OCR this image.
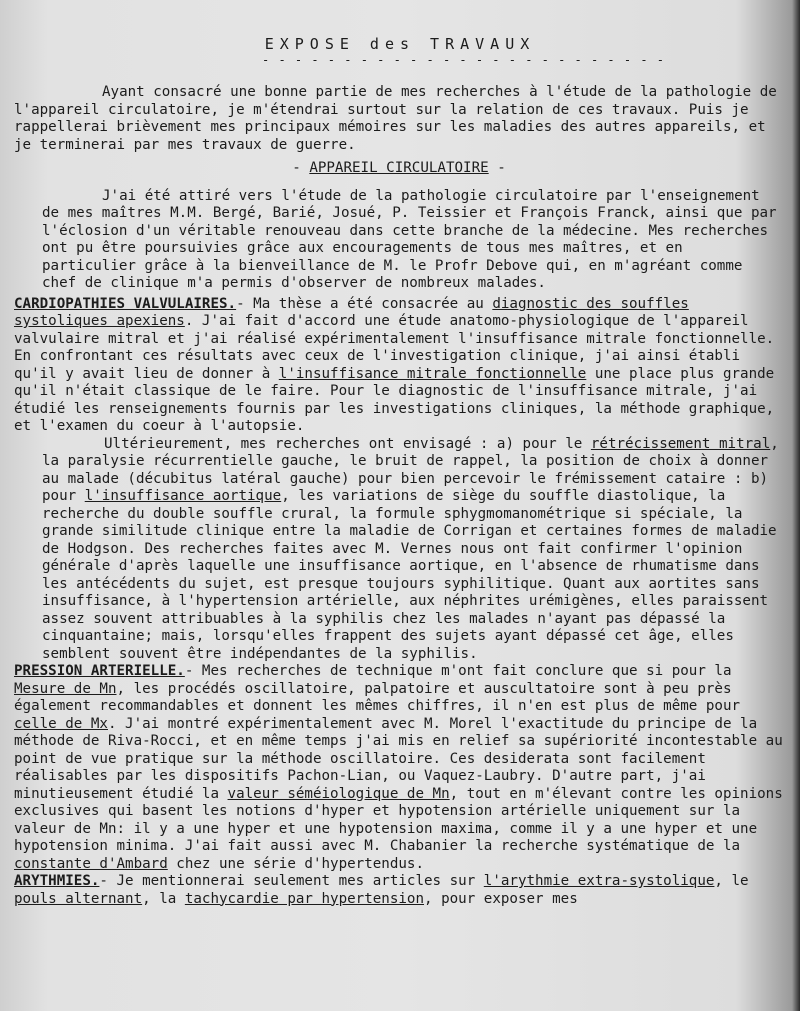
EXPOSE des TRAVAUX
- - - - - - - - - - - - - - - - - - - - - - - - -

Ayant consacré une bonne partie de mes recherches à l'étude de la pathologie de l'appareil circulatoire, je m'étendrai surtout sur la relation de ces travaux. Puis je rappellerai brièvement mes principaux mémoires sur les maladies des autres appareils, et je terminerai par mes travaux de guerre.

- APPAREIL CIRCULATOIRE -

J'ai été attiré vers l'étude de la pathologie circulatoire par l'enseignement de mes maîtres M.M. Bergé, Barié, Josué, P. Teissier et François Franck, ainsi que par l'éclosion d'un véritable renouveau dans cette branche de la médecine. Mes recherches ont pu être poursuivies grâce aux encouragements de tous mes maîtres, et en particulier grâce à la bienveillance de M. le Profr Debove qui, en m'agréant comme chef de clinique m'a permis d'observer de nombreux malades.

CARDIOPATHIES VALVULAIRES.- Ma thèse a été consacrée au diagnostic des souffles systoliques apexiens. J'ai fait d'accord une étude anatomo-physiologique de l'appareil valvulaire mitral et j'ai réalisé expérimentalement l'insuffisance mitrale fonctionnelle. En confrontant ces résultats avec ceux de l'investigation clinique, j'ai ainsi établi qu'il y avait lieu de donner à l'insuffisance mitrale fonctionnelle une place plus grande qu'il n'était classique de le faire. Pour le diagnostic de l'insuffisance mitrale, j'ai étudié les renseignements fournis par les investigations cliniques, la méthode graphique, et l'examen du coeur à l'autopsie.

Ultérieurement, mes recherches ont envisagé : a) pour le rétrécissement mitral, la paralysie récurrentielle gauche, le bruit de rappel, la position de choix à donner au malade (décubitus latéral gauche) pour bien percevoir le frémissement cataire : b) pour l'insuffisance aortique, les variations de siège du souffle diastolique, la recherche du double souffle crural, la formule sphygmomanométrique si spéciale, la grande similitude clinique entre la maladie de Corrigan et certaines formes de maladie de Hodgson. Des recherches faites avec M. Vernes nous ont fait confirmer l'opinion générale d'après laquelle une insuffisance aortique, en l'absence de rhumatisme dans les antécédents du sujet, est presque toujours syphilitique. Quant aux aortites sans insuffisance, à l'hypertension artérielle, aux néphrites urémigènes, elles paraissent assez souvent attribuables à la syphilis chez les malades n'ayant pas dépassé la cinquantaine; mais, lorsqu'elles frappent des sujets ayant dépassé cet âge, elles semblent souvent être indépendantes de la syphilis.

PRESSION ARTERIELLE.- Mes recherches de technique m'ont fait conclure que si pour la Mesure de Mn, les procédés oscillatoire, palpatoire et auscultatoire sont à peu près également recommandables et donnent les mêmes chiffres, il n'en est plus de même pour celle de Mx. J'ai montré expérimentalement avec M. Morel l'exactitude du principe de la méthode de Riva-Rocci, et en même temps j'ai mis en relief sa supériorité incontestable au point de vue pratique sur la méthode oscillatoire. Ces desiderata sont facilement réalisables par les dispositifs Pachon-Lian, ou Vaquez-Laubry. D'autre part, j'ai minutieusement étudié la valeur séméiologique de Mn, tout en m'élevant contre les opinions exclusives qui basent les notions d'hyper et hypotension artérielle uniquement sur la valeur de Mn: il y a une hyper et une hypotension maxima, comme il y a une hyper et une hypotension minima. J'ai fait aussi avec M. Chabanier la recherche systématique de la constante d'Ambard chez une série d'hypertendus.

ARYTHMIES.- Je mentionnerai seulement mes articles sur l'arythmie extra-systolique, le pouls alternant, la tachycardie par hypertension, pour exposer mes
